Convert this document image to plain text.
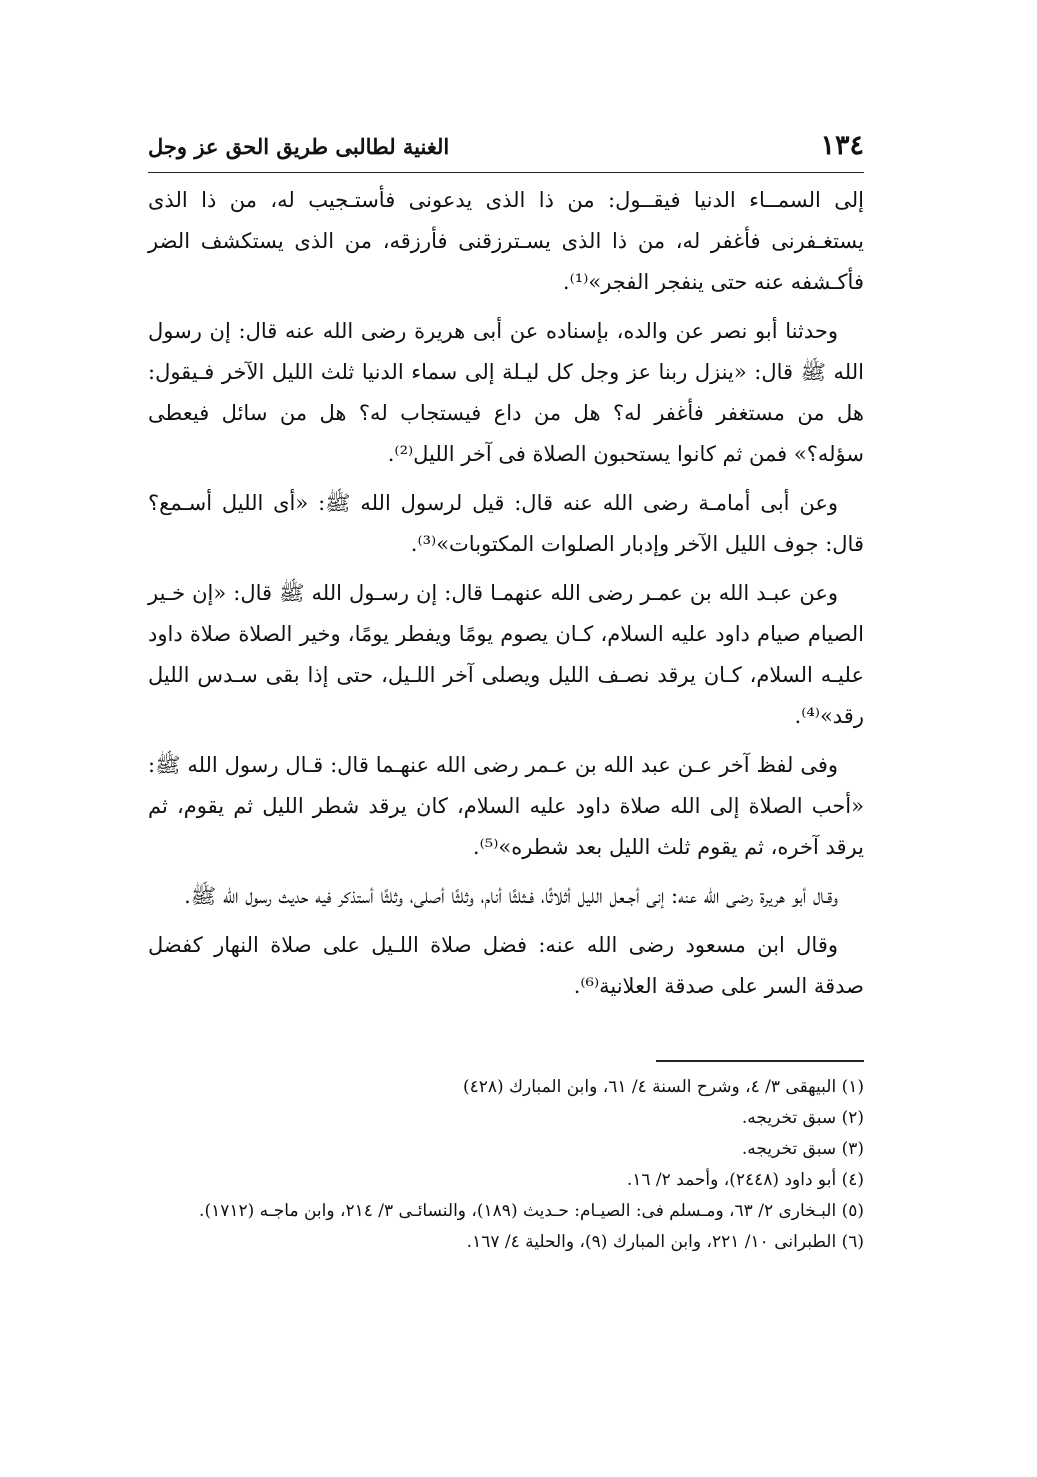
١٣٤
الغنية لطالبى طريق الحق عز وجل

إلى السمــاء الدنيا فيقــول: من ذا الذى يدعونى فأستـجيب له، من ذا الذى يستغـفرنى فأغفر له، من ذا الذى يسـترزقنى فأرزقه، من الذى يستكشف الضر فأكـشفه عنه حتى ينفجر الفجر»⁽¹⁾.

وحدثنا أبو نصر عن والده، بإسناده عن أبى هريرة رضى الله عنه قال: إن رسول الله ﷺ قال: «ينزل ربنا عز وجل كل ليـلة إلى سماء الدنيا ثلث الليل الآخر فـيقول: هل من مستغفر فأغفر له؟ هل من داع فيستجاب له؟ هل من سائل فيعطى سؤله؟» فمن ثم كانوا يستحبون الصلاة فى آخر الليل⁽²⁾.

وعن أبى أمامـة رضى الله عنه قال: قيل لرسول الله ﷺ: «أى الليل أسـمع؟ قال: جوف الليل الآخر وإدبار الصلوات المكتوبات»⁽³⁾.

وعن عبـد الله بن عمـر رضى الله عنهمـا قال: إن رسـول الله ﷺ قال: «إن خـير الصيام صيام داود عليه السلام، كـان يصوم يومًا ويفطر يومًا، وخير الصلاة صلاة داود عليـه السلام، كـان يرقد نصـف الليل ويصلى آخر اللـيل، حتى إذا بقى سـدس الليل رقد»⁽⁴⁾.

وفى لفظ آخر عـن عبد الله بن عـمر رضى الله عنهـما قال: قـال رسول الله ﷺ: «أحب الصلاة إلى الله صلاة داود عليه السلام، كان يرقد شطر الليل ثم يقوم، ثم يرقد آخره، ثم يقوم ثلث الليل بعد شطره»⁽⁵⁾.

وقـال أبو هريرة رضى الله عنه: إنى أجـعل الليل أثلاثًا، فـثلثًا أنام، وثلثًا أصلى، وثلثًا أستذكر فيه حديث رسول الله ﷺ.

وقال ابن مسعود رضى الله عنه: فضل صلاة اللـيل على صلاة النهار كفضل صدقة السر على صدقة العلانية⁽⁶⁾.

(١) البيهقى ٣/ ٤، وشرح السنة ٤/ ٦١، وابن المبارك (٤٢٨)

(٢) سبق تخريجه.

(٣) سبق تخريجه.

(٤) أبو داود (٢٤٤٨)، وأحمد ٢/ ١٦.

(٥) البـخارى ٢/ ٦٣، ومـسلم فى: الصيـام: حـديث (١٨٩)، والنسائـى ٣/ ٢١٤، وابن ماجـه (١٧١٢).

(٦) الطبرانى ١٠/ ٢٢١، وابن المبارك (٩)، والحلية ٤/ ١٦٧.
